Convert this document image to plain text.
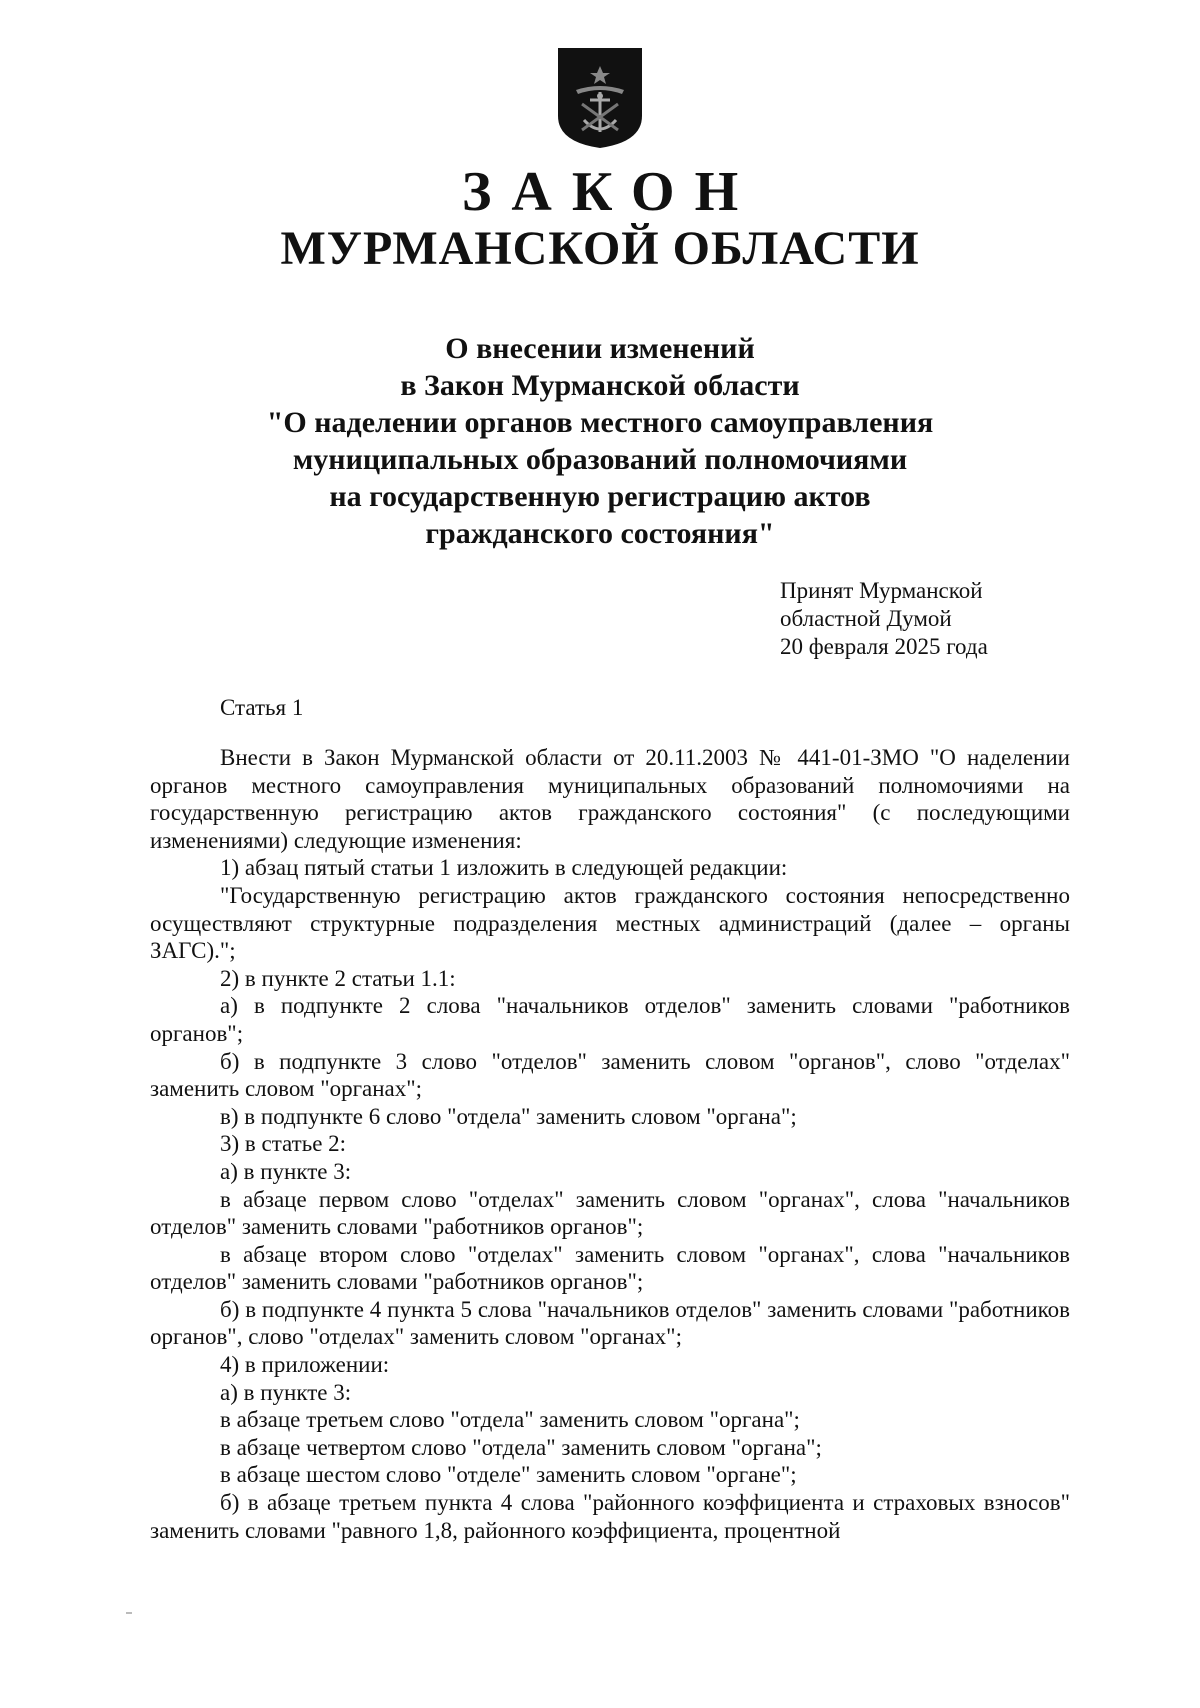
ЗАКОН
МУРМАНСКОЙ ОБЛАСТИ
О внесении изменений
в Закон Мурманской области
"О наделении органов местного самоуправления
муниципальных образований полномочиями
на государственную регистрацию актов
гражданского состояния"
Принят Мурманской
областной Думой
20 февраля 2025 года
Статья 1

Внести в Закон Мурманской области от 20.11.2003 № 441-01-ЗМО "О наделении органов местного самоуправления муниципальных образований полномочиями на государственную регистрацию актов гражданского состояния" (с последующими изменениями) следующие изменения:

1) абзац пятый статьи 1 изложить в следующей редакции:

"Государственную регистрацию актов гражданского состояния непосредственно осуществляют структурные подразделения местных администраций (далее – органы ЗАГС).";

2) в пункте 2 статьи 1.1:

а) в подпункте 2 слова "начальников отделов" заменить словами "работников органов";

б) в подпункте 3 слово "отделов" заменить словом "органов", слово "отделах" заменить словом "органах";

в) в подпункте 6 слово "отдела" заменить словом "органа";

3) в статье 2:

а) в пункте 3:

в абзаце первом слово "отделах" заменить словом "органах", слова "начальников отделов" заменить словами "работников органов";

в абзаце втором слово "отделах" заменить словом "органах", слова "начальников отделов" заменить словами "работников органов";

б) в подпункте 4 пункта 5 слова "начальников отделов" заменить словами "работников органов", слово "отделах" заменить словом "органах";

4) в приложении:

а) в пункте 3:

в абзаце третьем слово "отдела" заменить словом "органа";

в абзаце четвертом слово "отдела" заменить словом "органа";

в абзаце шестом слово "отделе" заменить словом "органе";

б) в абзаце третьем пункта 4 слова "районного коэффициента и страховых взносов" заменить словами "равного 1,8, районного коэффициента, процентной
